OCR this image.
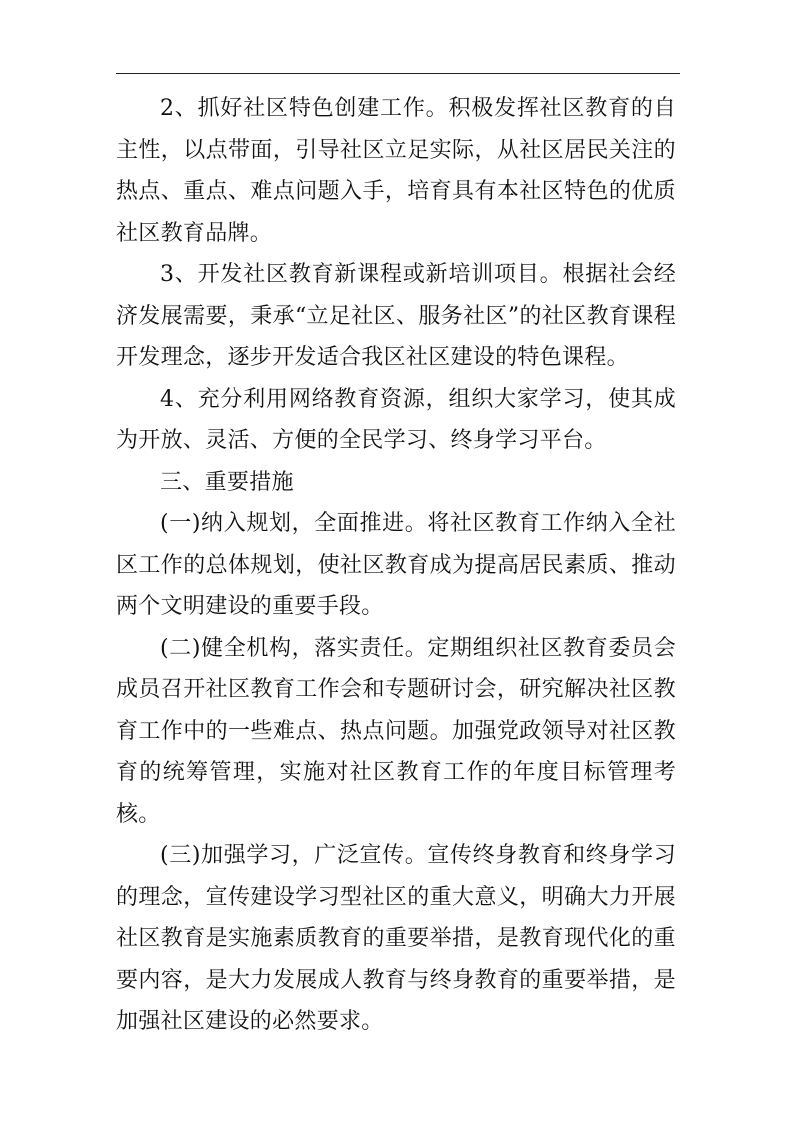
2、抓好社区特色创建工作。积极发挥社区教育的自主性，以点带面，引导社区立足实际，从社区居民关注的热点、重点、难点问题入手，培育具有本社区特色的优质社区教育品牌。

3、开发社区教育新课程或新培训项目。根据社会经济发展需要，秉承“立足社区、服务社区”的社区教育课程开发理念，逐步开发适合我区社区建设的特色课程。

4、充分利用网络教育资源，组织大家学习，使其成为开放、灵活、方便的全民学习、终身学习平台。

三、重要措施

(一)纳入规划，全面推进。将社区教育工作纳入全社区工作的总体规划，使社区教育成为提高居民素质、推动两个文明建设的重要手段。

(二)健全机构，落实责任。定期组织社区教育委员会成员召开社区教育工作会和专题研讨会，研究解决社区教育工作中的一些难点、热点问题。加强党政领导对社区教育的统筹管理，实施对社区教育工作的年度目标管理考核。

(三)加强学习，广泛宣传。宣传终身教育和终身学习的理念，宣传建设学习型社区的重大意义，明确大力开展社区教育是实施素质教育的重要举措，是教育现代化的重要内容，是大力发展成人教育与终身教育的重要举措，是加强社区建设的必然要求。
